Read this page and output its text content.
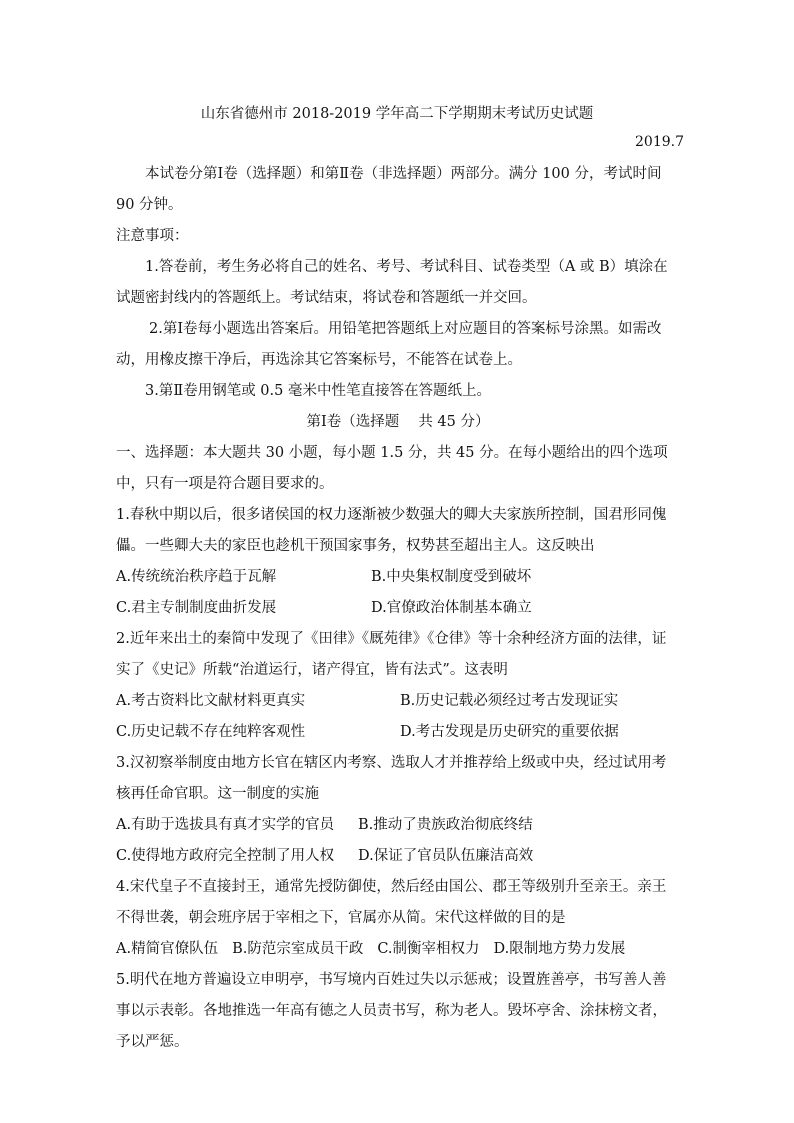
山东省德州市 2018-2019 学年高二下学期期末考试历史试题
2019.7

本试卷分第Ⅰ卷（选择题）和第Ⅱ卷（非选择题）两部分。满分 100 分，考试时间 90 分钟。

注意事项：

1.答卷前，考生务必将自己的姓名、考号、考试科目、试卷类型（A 或 B）填涂在试题密封线内的答题纸上。考试结束，将试卷和答题纸一并交回。

2.第Ⅰ卷每小题选出答案后。用铅笔把答题纸上对应题目的答案标号涂黑。如需改动，用橡皮擦干净后，再选涂其它答案标号，不能答在试卷上。

3.第Ⅱ卷用钢笔或 0.5 毫米中性笔直接答在答题纸上。

第Ⅰ卷（选择题　 共 45 分）

一、选择题：本大题共 30 小题，每小题 1.5 分，共 45 分。在每小题给出的四个选项中，只有一项是符合题目要求的。

1.春秋中期以后，很多诸侯国的权力逐渐被少数强大的卿大夫家族所控制，国君形同傀儡。一些卿大夫的家臣也趁机干预国家事务，权势甚至超出主人。这反映出

A.传统统治秩序趋于瓦解	B.中央集权制度受到破坏
C.君主专制制度曲折发展	D.官僚政治体制基本确立

2.近年来出土的秦简中发现了《田律》《厩苑律》《仓律》等十余种经济方面的法律，证实了《史记》所载“治道运行，诸产得宜，皆有法式”。这表明

A.考古资料比文献材料更真实	B.历史记载必须经过考古发现证实
C.历史记载不存在纯粹客观性	D.考古发现是历史研究的重要依据

3.汉初察举制度由地方长官在辖区内考察、选取人才并推荐给上级或中央，经过试用考核再任命官职。这一制度的实施

A.有助于选拔具有真才实学的官员	B.推动了贵族政治彻底终结
C.使得地方政府完全控制了用人权	D.保证了官员队伍廉洁高效

4.宋代皇子不直接封王，通常先授防御使，然后经由国公、郡王等级别升至亲王。亲王不得世袭，朝会班序居于宰相之下，官属亦从简。宋代这样做的目的是

A.精简官僚队伍 B.防范宗室成员干政 C.制衡宰相权力 D.限制地方势力发展

5.明代在地方普遍设立申明亭，书写境内百姓过失以示惩戒；设置旌善亭，书写善人善事以示表彰。各地推选一年高有德之人员责书写，称为老人。毁坏亭舍、涂抹榜文者，予以严惩。
